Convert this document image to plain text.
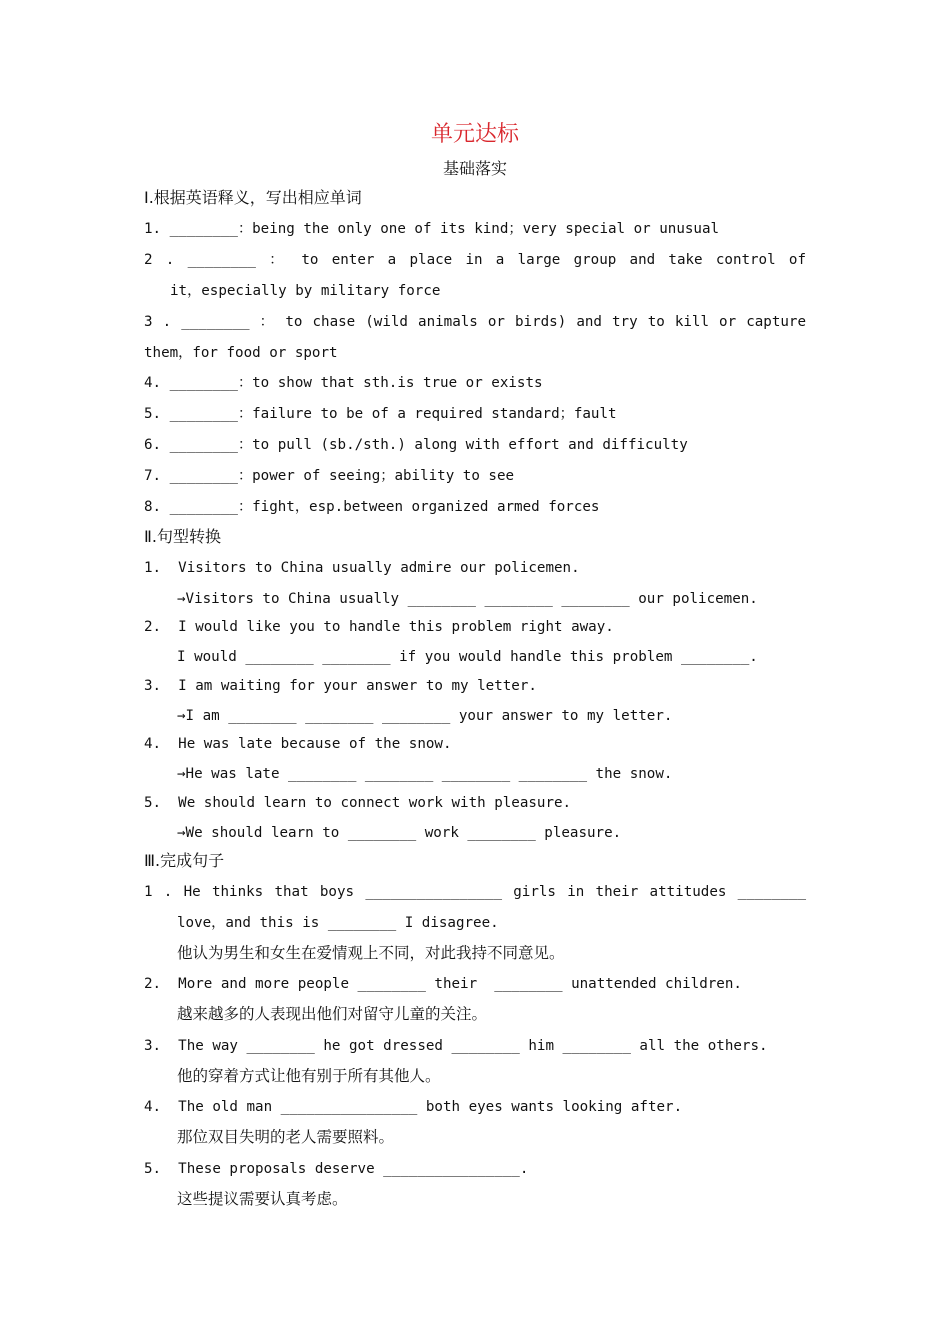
单元达标
基础落实
Ⅰ.根据英语释义，写出相应单词
1. ________：being the only one of its kind；very special or unusual
2 . ________ ： to enter a place in a large group and take control of
it，especially by military force
3 . ________ ： to chase (wild animals or birds) and try to kill or capture
them，for food or sport
4. ________：to show that sth.is true or exists
5. ________：failure to be of a required standard；fault
6. ________：to pull (sb./sth.) along with effort and difficulty
7. ________：power of seeing；ability to see
8. ________：fight，esp.between organized armed forces
Ⅱ.句型转换
1.  Visitors to China usually admire our policemen.
→Visitors to China usually ________ ________ ________ our policemen.
2.  I would like you to handle this problem right away.
I would ________ ________ if you would handle this problem ________.
3.  I am waiting for your answer to my letter.
→I am ________ ________ ________ your answer to my letter.
4.  He was late because of the snow.
→He was late ________ ________ ________ ________ the snow.
5.  We should learn to connect work with pleasure.
→We should learn to ________ work ________ pleasure.
Ⅲ.完成句子
1 . He thinks that boys ________________ girls in their attitudes ________
love，and this is ________ I disagree.
他认为男生和女生在爱情观上不同，对此我持不同意见。
2.  More and more people ________ their  ________ unattended children.
越来越多的人表现出他们对留守儿童的关注。
3.  The way ________ he got dressed ________ him ________ all the others.
他的穿着方式让他有别于所有其他人。
4.  The old man ________________ both eyes wants looking after.
那位双目失明的老人需要照料。
5.  These proposals deserve ________________.
这些提议需要认真考虑。
